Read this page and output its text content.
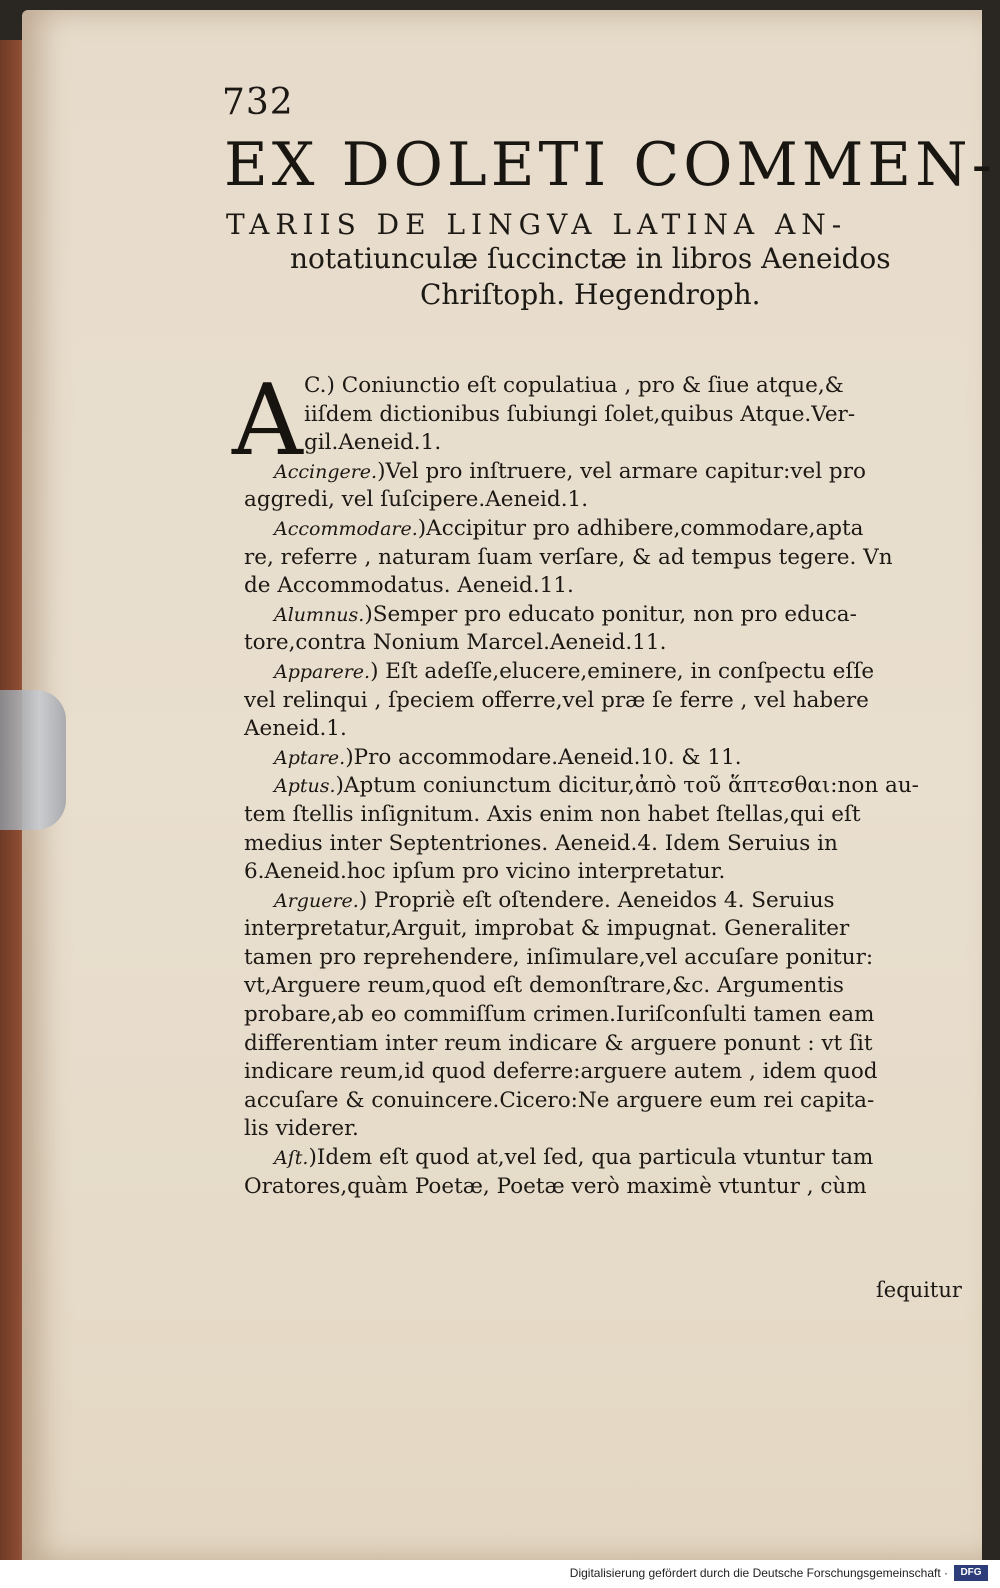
732
EX DOLETI COMMEN-
TARIIS DE LINGVA LATINA AN-
notatiunculæ ſuccinctæ in libros Aeneidos
Chriſtoph. Hegendroph.
A C.) Coniunctio eſt copulatiua , pro & ſiue atque,&
iiſdem dictionibus ſubiungi ſolet,quibus Atque.Ver-
gil.Aeneid.1.
Accingere.)Vel pro inſtruere, vel armare capitur:vel pro
aggredi, vel ſuſcipere.Aeneid.1.
Accommodare.)Accipitur pro adhibere,commodare,apta
re, referre , naturam ſuam verſare, & ad tempus tegere. Vn
de Accommodatus. Aeneid.11.
Alumnus.)Semper pro educato ponitur, non pro educa-
tore,contra Nonium Marcel.Aeneid.11.
Apparere.) Eſt adeſſe,elucere,eminere, in conſpectu eſſe
vel relinqui , ſpeciem offerre,vel præ ſe ferre , vel habere
Aeneid.1.
Aptare.)Pro accommodare.Aeneid.10. & 11.
Aptus.)Aptum coniunctum dicitur,ἀπὸ τοῦ ἅπτεσθαι:non au-
tem ſtellis inſignitum. Axis enim non habet ſtellas,qui eſt
medius inter Septentriones. Aeneid.4. Idem Seruius in
6.Aeneid.hoc ipſum pro vicino interpretatur.
Arguere.) Propriè eſt oſtendere. Aeneidos 4. Seruius
interpretatur,Arguit, improbat & impugnat. Generaliter
tamen pro reprehendere, inſimulare,vel accuſare ponitur:
vt,Arguere reum,quod eſt demonſtrare,&c. Argumentis
probare,ab eo commiſſum crimen.Iuriſconſulti tamen eam
differentiam inter reum indicare & arguere ponunt : vt ſit
indicare reum,id quod deferre:arguere autem , idem quod
accuſare & conuincere.Cicero:Ne arguere eum rei capita-
lis viderer.
Aſt.)Idem eſt quod at,vel ſed, qua particula vtuntur tam
Oratores,quàm Poetæ, Poetæ verò maximè vtuntur , cùm
ſequitur
Digitalisierung gefördert durch die Deutsche Forschungsgemeinschaft ·	DFG
